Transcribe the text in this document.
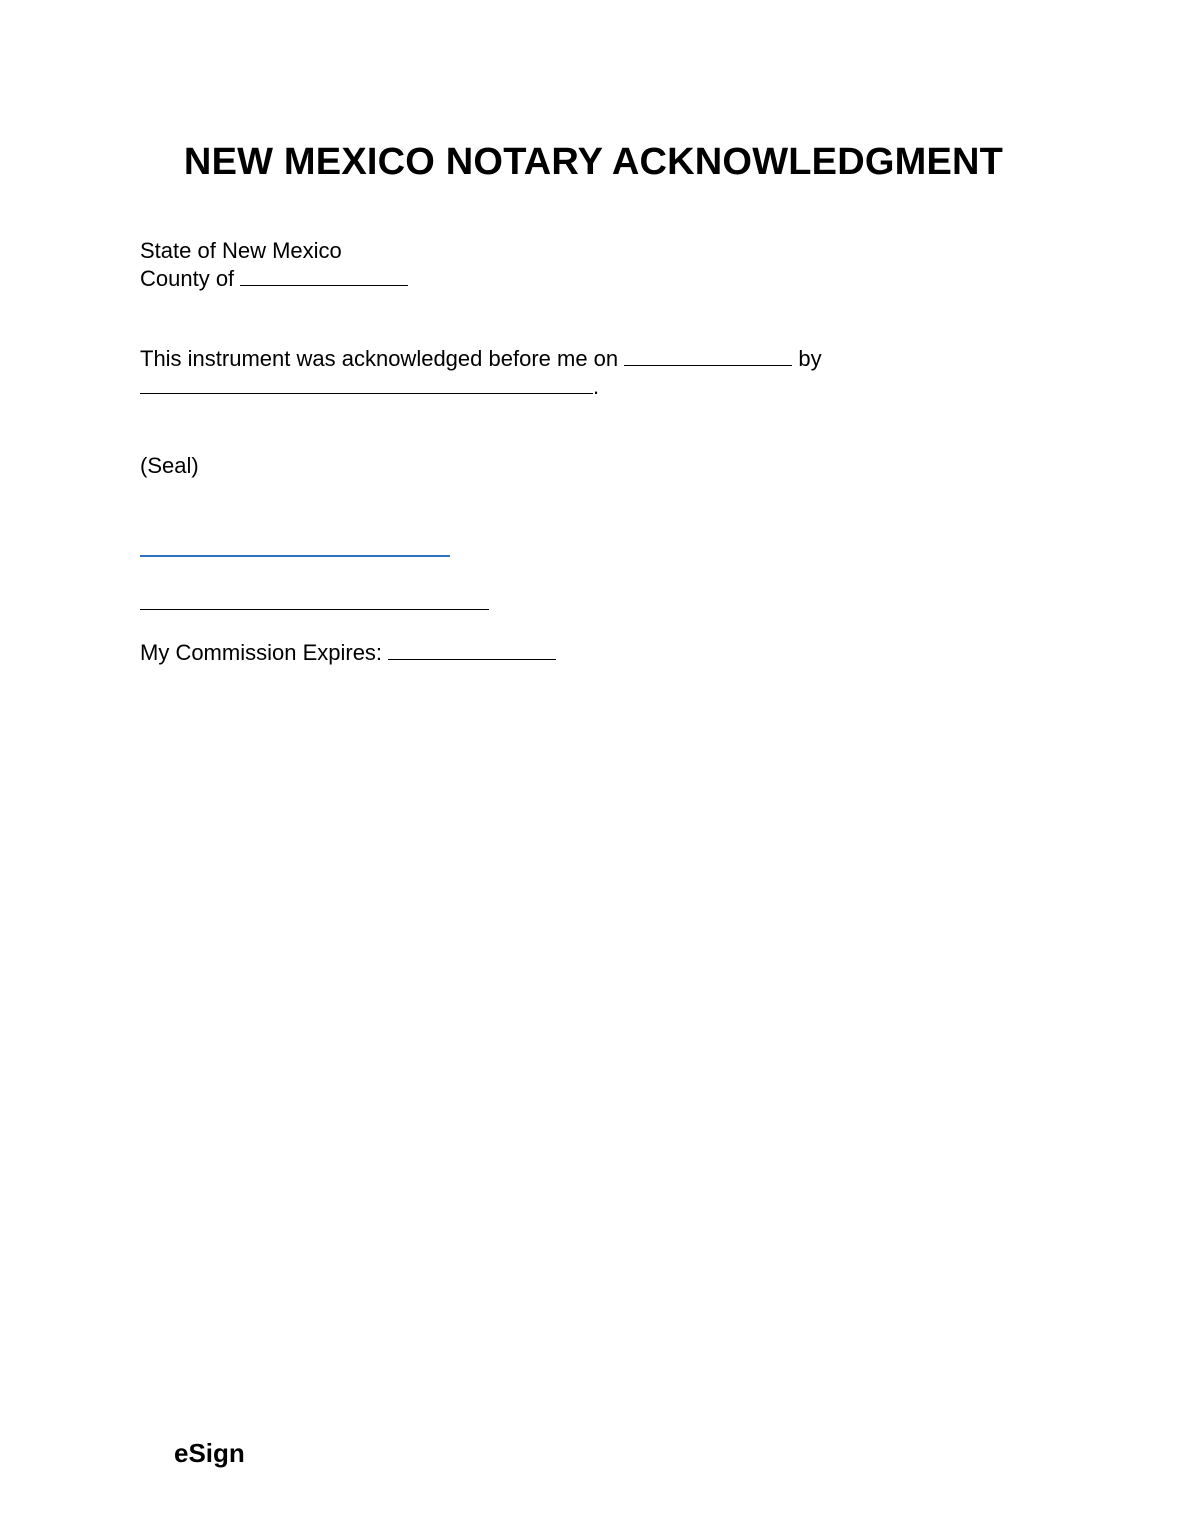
NEW MEXICO NOTARY ACKNOWLEDGMENT

State of New Mexico

County of

This instrument was acknowledged before me on	by

.

(Seal)

My Commission Expires:

eSign
